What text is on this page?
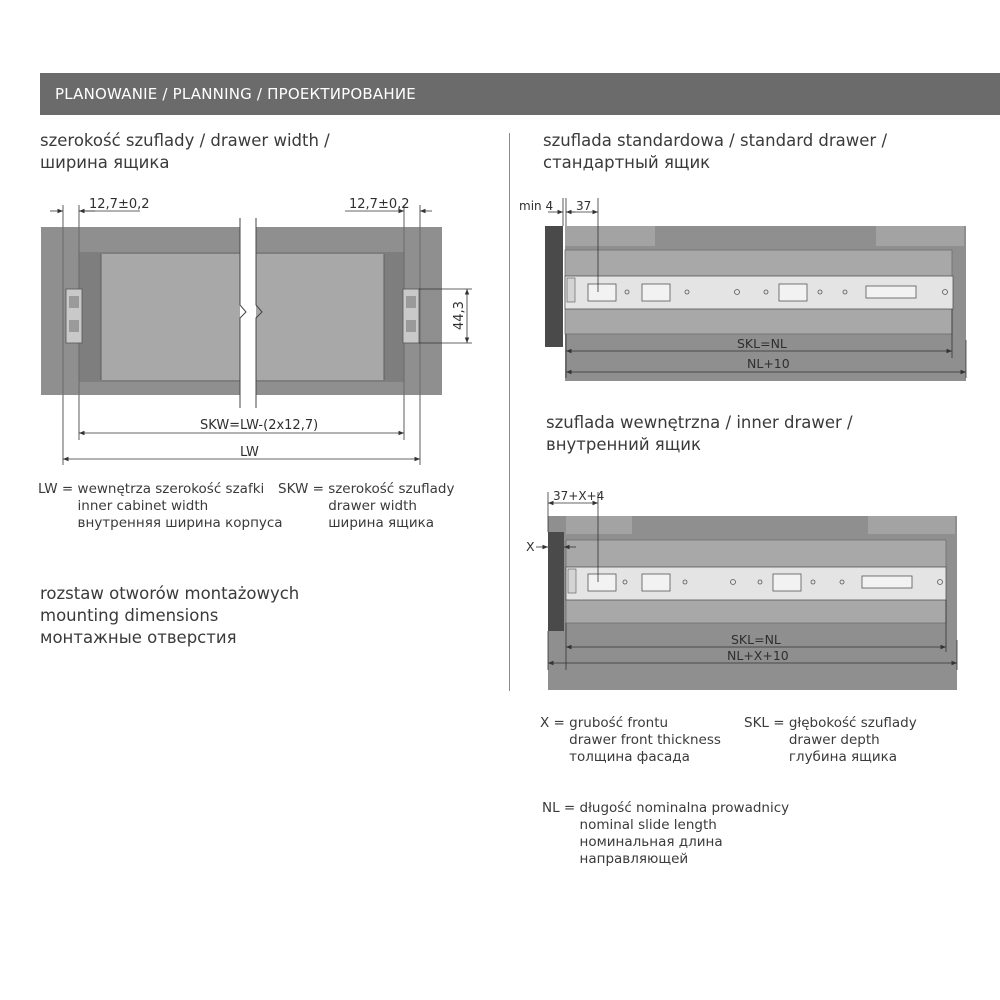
PLANOWANIE / PLANNING / ПРОЕКТИРОВАНИЕ
szerokość szuflady / drawer width /
ширина ящика
szuflada standardowa / standard drawer /
стандартный ящик
szuflada wewnętrzna / inner drawer /
внутренний ящик
rozstaw otworów montażowych
mounting dimensions
монтажные отверстия
LW = wewnętrza szerokość szafki
inner cabinet width
внутренняя ширина корпуса
SKW = szerokość szuflady
drawer width
ширина ящика
X = grubość frontu
drawer front thickness
толщина фасада
SKL = głębokość szuflady
drawer depth
глубина ящика
NL = długość nominalna prowadnicy
nominal slide length
номинальная длина
направляющей
12,7±0,2	12,7±0,2
44,3
SKW=LW-(2x12,7)
LW
min 4 37
SKL=NL
NL+10
37+X+4
X
SKL=NL
NL+X+10
